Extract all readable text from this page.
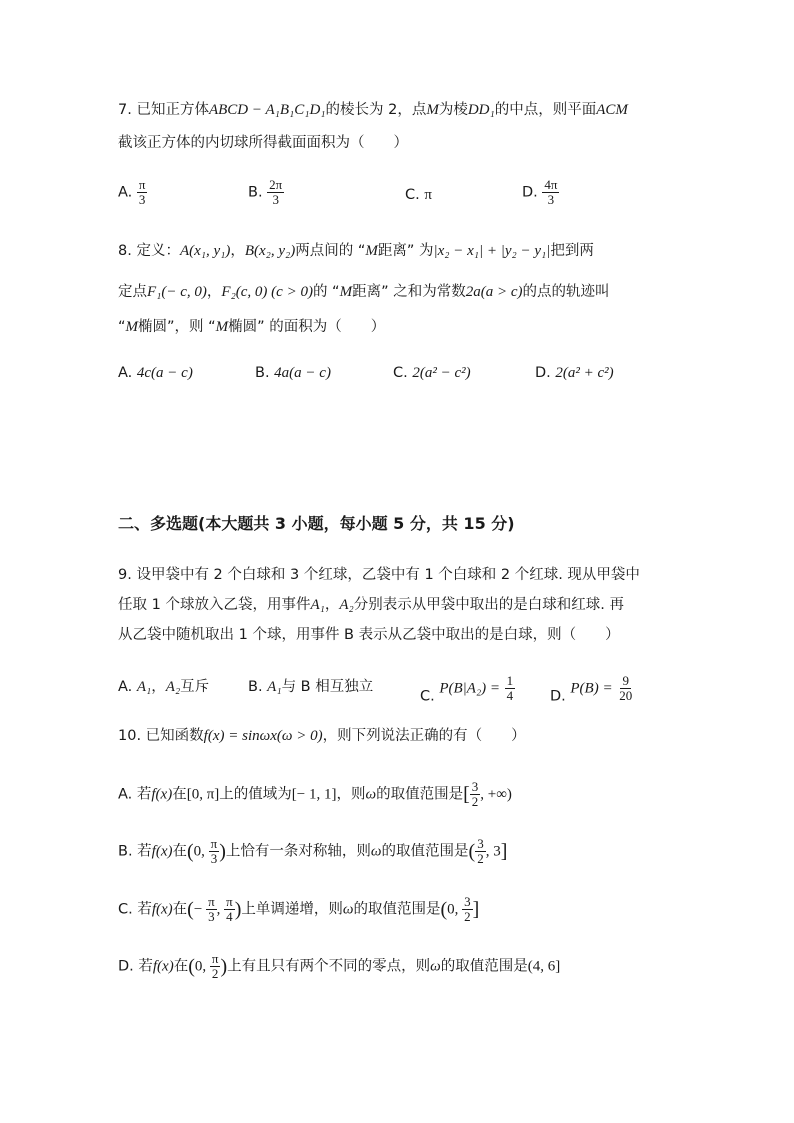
7. 已知正方体ABCD − A₁B₁C₁D₁的棱长为 2，点M为棱DD₁的中点，则平面ACM
截该正方体的内切球所得截面面积为（　　）
A. $\frac{\pi}{3}$	B. $\frac{2\pi}{3}$	C. π	D. $\frac{4\pi}{3}$
8. 定义：A(x₁, y₁)，B(x₂, y₂)两点间的 “M距离” 为|x₂ − x₁| + |y₂ − y₁|把到两
定点F₁(− c, 0)，F₂(c, 0) (c > 0)的 “M距离” 之和为常数2a(a > c)的点的轨迹叫
“M椭圆”，则 “M椭圆” 的面积为（　　）
A. 4c(a − c)	B. 4a(a − c)	C. 2(a² − c²)	D. 2(a² + c²)
二、多选题(本大题共 3 小题，每小题 5 分，共 15 分)
9. 设甲袋中有 2 个白球和 3 个红球，乙袋中有 1 个白球和 2 个红球. 现从甲袋中
任取 1 个球放入乙袋，用事件A₁，A₂分别表示从甲袋中取出的是白球和红球. 再
从乙袋中随机取出 1 个球，用事件 B 表示从乙袋中取出的是白球，则（　　）
A. A₁，A₂互斥	B. A₁与 B 相互独立
C. $P(B|A_2) = \frac{1}{4} D$. $P(B) = \frac{9}{20}$
10. 已知函数f(x) = sinωx(ω > 0)，则下列说法正确的有（　　）
A. 若f(x)在[0, π]上的值域为[− 1, 1]，则ω的取值范围是[ $\frac{3}{2}$ , +∞)
B. 若f(x)在(0, $\frac{\pi}{3}$ )上恰有一条对称轴，则ω的取值范围是( $\frac{3}{2}$ , 3]
C. 若f(x)在(− $\frac{\pi}{3}$ , $\frac{\pi}{4}$ )上单调递增，则ω的取值范围是(0, $\frac{3}{2}$ ]
D. 若f(x)在(0, $\frac{\pi}{2}$ )上有且只有两个不同的零点，则ω的取值范围是(4, 6]
